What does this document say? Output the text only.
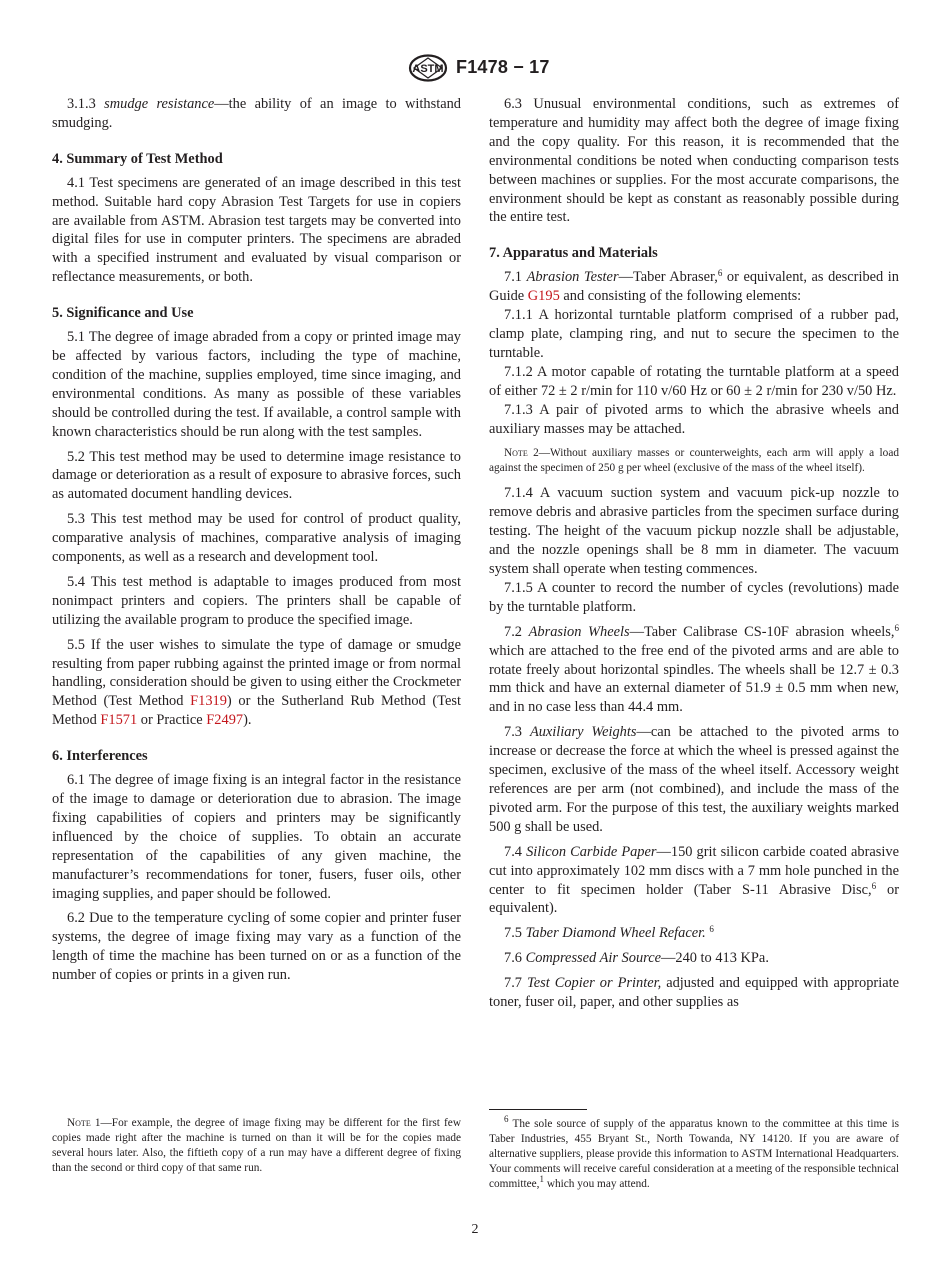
ASTM F1478 − 17

3.1.3 smudge resistance—the ability of an image to withstand smudging.

4. Summary of Test Method

4.1 Test specimens are generated of an image described in this test method. Suitable hard copy Abrasion Test Targets for use in copiers are available from ASTM. Abrasion test targets may be converted into digital files for use in computer printers. The specimens are abraded with a specified instrument and evaluated by visual comparison or reflectance measurements, or both.

5. Significance and Use

5.1 The degree of image abraded from a copy or printed image may be affected by various factors, including the type of machine, condition of the machine, supplies employed, time since imaging, and environmental conditions. As many as possible of these variables should be controlled during the test. If available, a control sample with known characteristics should be run along with the test samples.

5.2 This test method may be used to determine image resistance to damage or deterioration as a result of exposure to abrasive forces, such as automated document handling devices.

5.3 This test method may be used for control of product quality, comparative analysis of machines, comparative analysis of imaging components, as well as a research and development tool.

5.4 This test method is adaptable to images produced from most nonimpact printers and copiers. The printers shall be capable of utilizing the available program to produce the specified image.

5.5 If the user wishes to simulate the type of damage or smudge resulting from paper rubbing against the printed image or from normal handling, consideration should be given to using either the Crockmeter Method (Test Method F1319) or the Sutherland Rub Method (Test Method F1571 or Practice F2497).

6. Interferences

6.1 The degree of image fixing is an integral factor in the resistance of the image to damage or deterioration due to abrasion. The image fixing capabilities of copiers and printers may be significantly influenced by the choice of supplies. To obtain an accurate representation of the capabilities of any given machine, the manufacturer’s recommendations for toner, fusers, fuser oils, other imaging supplies, and paper should be followed.

6.2 Due to the temperature cycling of some copier and printer fuser systems, the degree of image fixing may vary as a function of the length of time the machine has been turned on or as a function of the number of copies or prints in a given run.

Note 1—For example, the degree of image fixing may be different for the first few copies made right after the machine is turned on than it will be for the copies made several hours later. Also, the fiftieth copy of a run may have a different degree of fixing than the second or third copy of that same run.

6.3 Unusual environmental conditions, such as extremes of temperature and humidity may affect both the degree of image fixing and the copy quality. For this reason, it is recommended that the environmental conditions be noted when conducting comparison tests between machines or supplies. For the most accurate comparisons, the environment should be kept as constant as reasonably possible during the entire test.

7. Apparatus and Materials

7.1 Abrasion Tester—Taber Abraser,$^6$ or equivalent, as described in Guide G195 and consisting of the following elements:

7.1.1 A horizontal turntable platform comprised of a rubber pad, clamp plate, clamping ring, and nut to secure the specimen to the turntable.

7.1.2 A motor capable of rotating the turntable platform at a speed of either 72 ± 2 r/min for 110 v/60 Hz or 60 ± 2 r/min for 230 v/50 Hz.

7.1.3 A pair of pivoted arms to which the abrasive wheels and auxiliary masses may be attached.

Note 2—Without auxiliary masses or counterweights, each arm will apply a load against the specimen of 250 g per wheel (exclusive of the mass of the wheel itself).

7.1.4 A vacuum suction system and vacuum pick-up nozzle to remove debris and abrasive particles from the specimen surface during testing. The height of the vacuum pickup nozzle shall be adjustable, and the nozzle openings shall be 8 mm in diameter. The vacuum system shall operate when testing commences.

7.1.5 A counter to record the number of cycles (revolutions) made by the turntable platform.

7.2 Abrasion Wheels—Taber Calibrase CS-10F abrasion wheels,$^6$ which are attached to the free end of the pivoted arms and are able to rotate freely about horizontal spindles. The wheels shall be 12.7 ± 0.3 mm thick and have an external diameter of 51.9 ± 0.5 mm when new, and in no case less than 44.4 mm.

7.3 Auxiliary Weights—can be attached to the pivoted arms to increase or decrease the force at which the wheel is pressed against the specimen, exclusive of the mass of the wheel itself. Accessory weight references are per arm (not combined), and include the mass of the pivoted arm. For the purpose of this test, the auxiliary weights marked 500 g shall be used.

7.4 Silicon Carbide Paper—150 grit silicon carbide coated abrasive cut into approximately 102 mm discs with a 7 mm hole punched in the center to fit specimen holder (Taber S-11 Abrasive Disc,$^6$ or equivalent).

7.5 Taber Diamond Wheel Refacer. $^6$

7.6 Compressed Air Source—240 to 413 KPa.

7.7 Test Copier or Printer, adjusted and equipped with appropriate toner, fuser oil, paper, and other supplies as

$^6$ The sole source of supply of the apparatus known to the committee at this time is Taber Industries, 455 Bryant St., North Towanda, NY 14120. If you are aware of alternative suppliers, please provide this information to ASTM International Headquarters. Your comments will receive careful consideration at a meeting of the responsible technical committee,$^1$ which you may attend.
2
